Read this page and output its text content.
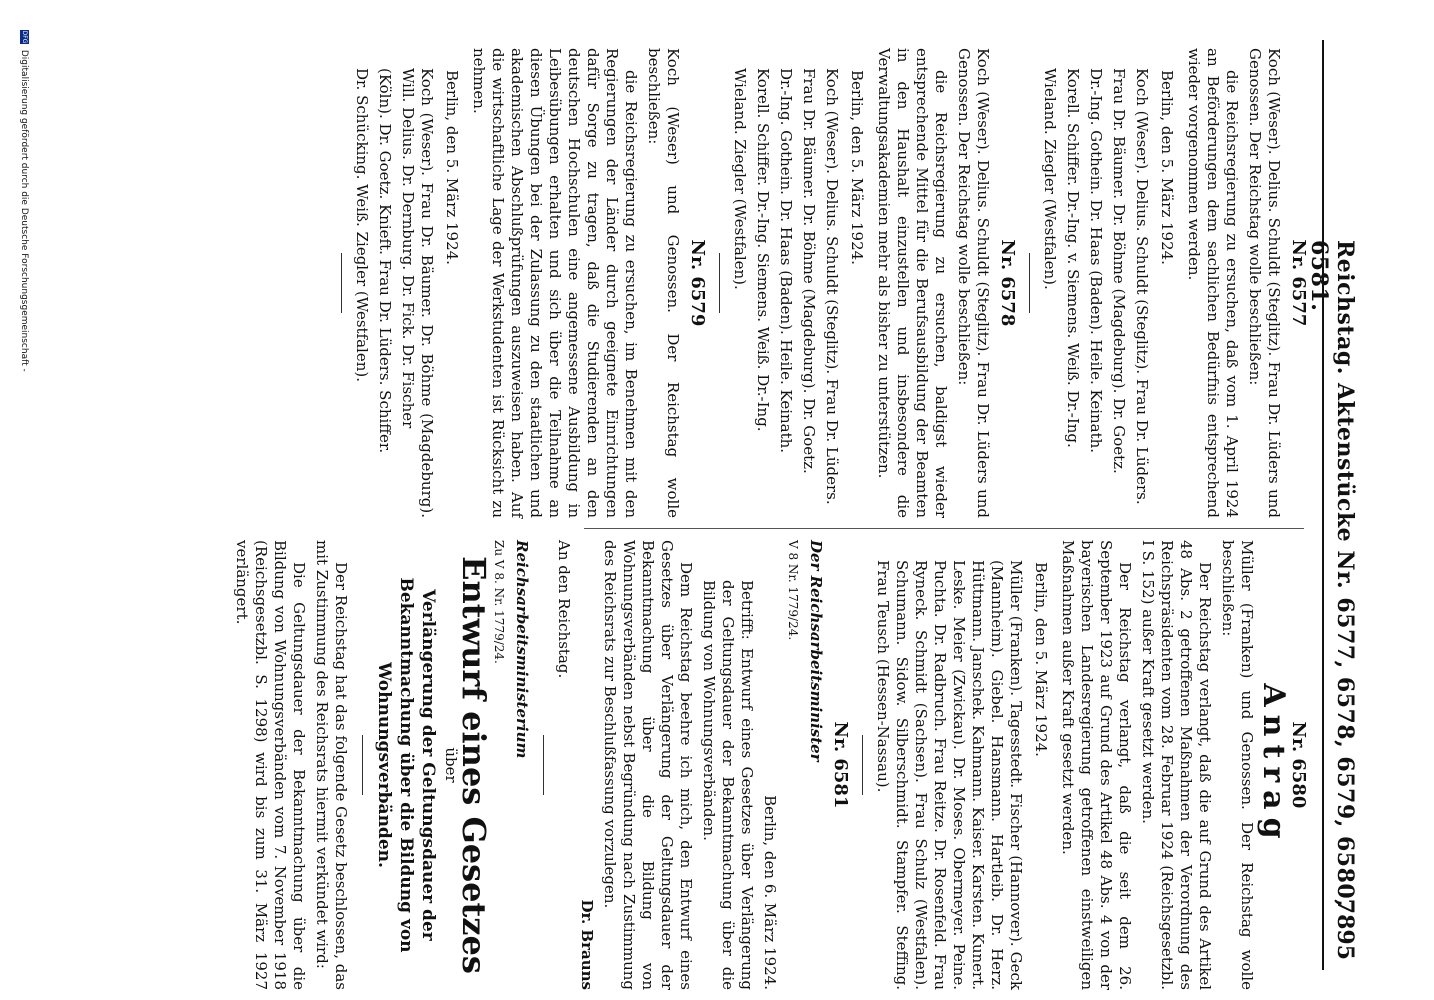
Reichstag. Aktenstücke Nr. 6577, 6578, 6579, 6580, 6581.
7895
Nr. 6577

Koch (Weser). Delius. Schuldt (Steglitz). Frau Dr. Lüders und Genossen. Der Reichstag wolle beschließen:

die Reichsregierung zu ersuchen, daß vom 1. April 1924 an Beförderungen dem sachlichen Bedürfnis entsprechend wieder vorgenommen werden.

Berlin, den 5. März 1924.

Koch (Weser). Delius. Schuldt (Steglitz). Frau Dr. Lüders.

Frau Dr. Bäumer. Dr. Böhme (Magdeburg). Dr. Goetz.

Dr.-Ing. Gothein. Dr. Haas (Baden). Heile. Keinath.

Korell. Schiffer. Dr.-Ing. v. Siemens. Weiß. Dr.-Ing.

Wieland. Ziegler (Westfalen).

Nr. 6578

Koch (Weser). Delius. Schuldt (Steglitz). Frau Dr. Lüders und Genossen. Der Reichstag wolle beschließen:

die Reichsregierung zu ersuchen, baldigst wieder entsprechende Mittel für die Berufsausbildung der Beamten in den Haushalt einzustellen und insbesondere die Verwaltungsakademien mehr als bisher zu unterstützen.

Berlin, den 5. März 1924.

Koch (Weser). Delius. Schuldt (Steglitz). Frau Dr. Lüders.

Frau Dr. Bäumer. Dr. Böhme (Magdeburg). Dr. Goetz.

Dr.-Ing. Gothein. Dr. Haas (Baden). Heile. Keinath.

Korell. Schiffer. Dr.-Ing. Siemens. Weiß. Dr.-Ing.

Wieland. Ziegler (Westfalen).

Nr. 6579

Koch (Weser) und Genossen. Der Reichstag wolle beschließen:

die Reichsregierung zu ersuchen, im Benehmen mit den Regierungen der Länder durch geeignete Einrichtungen dafür Sorge zu tragen, daß die Studierenden an den deutschen Hochschulen eine angemessene Ausbildung in Leibesübungen erhalten und sich über die Teilnahme an diesen Übungen bei der Zulassung zu den staatlichen und akademischen Abschlußprüfungen auszuweisen haben. Auf die wirtschaftliche Lage der Werkstudenten ist Rücksicht zu nehmen.

Berlin, den 5. März 1924.

Koch (Weser). Frau Dr. Bäumer. Dr. Böhme (Magdeburg). Will. Delius. Dr. Dernburg. Dr. Fick. Dr. Fischer

(Köln). Dr. Goetz. Knieft. Frau Dr. Lüders. Schiffer.

Dr. Schücking. Weiß. Ziegler (Westfalen).

Nr. 6580
Antrag

Müller (Franken) und Genossen. Der Reichstag wolle beschließen:

Der Reichstag verlangt, daß die auf Grund des Artikel 48 Abs. 2 getroffenen Maßnahmen der Verordnung des Reichspräsidenten vom 28. Februar 1924 (Reichsgesetzbl. I S. 152) außer Kraft gesetzt werden.

Der Reichstag verlangt, daß die seit dem 26. September 1923 auf Grund des Artikel 48 Abs. 4 von der bayerischen Landesregierung getroffenen einstweiligen Maßnahmen außer Kraft gesetzt werden.

Berlin, den 5. März 1924.

Müller (Franken). Tagesstedt. Fischer (Hannover). Geck (Mannheim). Giebel. Hansmann. Hartleib. Dr. Herz. Hüttmann. Janschek. Kahmann. Kaiser. Karsten. Kunert. Leske. Meier (Zwickau). Dr. Moses. Obermeyer. Peine. Puchta. Dr. Radbruch. Frau Reitze. Dr. Rosenfeld. Frau Ryneck. Schmidt (Sachsen). Frau Schulz (Westfalen). Schumann. Sidow. Silberschmidt. Stampfer. Steffing. Frau Teusch (Hessen-Nassau).

Nr. 6581

Der Reichsarbeitsminister

V 8 Nr. 1779/24.

Berlin, den 6. März 1924.

Betrifft: Entwurf eines Gesetzes über Verlängerung der Geltungsdauer der Bekanntmachung über die Bildung von Wohnungsverbänden.

Dem Reichstag beehre ich mich, den Entwurf eines Gesetzes über Verlängerung der Geltungsdauer der Bekanntmachung über die Bildung von Wohnungsverbänden nebst Begründung nach Zustimmung des Reichsrats zur Beschlußfassung vorzulegen.

Dr. Brauns

An den Reichstag.

Reichsarbeitsministerium

Zu V 8. Nr. 1779/24.

Entwurf eines Gesetzes
über
Verlängerung der Geltungsdauer der Bekanntmachung über die Bildung von Wohnungsverbänden.

Der Reichstag hat das folgende Gesetz beschlossen, das mit Zustimmung des Reichsrats hiermit verkündet wird:

Die Geltungsdauer der Bekanntmachung über die Bildung von Wohnungsverbänden vom 7. November 1918 (Reichsgesetzbl. S. 1298) wird bis zum 31. März 1927 verlängert.

DFG Digitalisierung gefördert durch die Deutsche Forschungsgemeinschaft -
